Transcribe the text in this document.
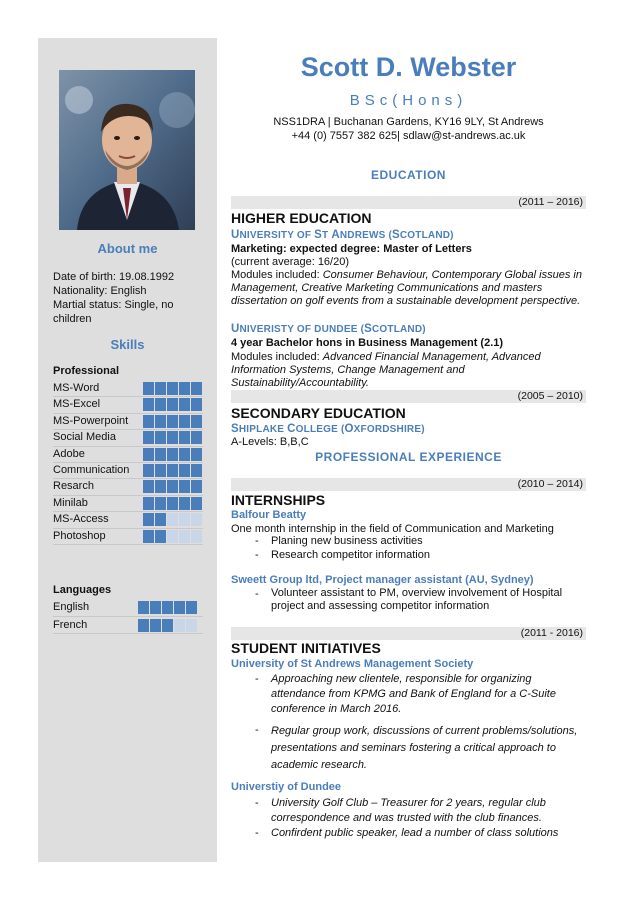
About me
Date of birth: 19.08.1992
Nationality: English
Martial status: Single, no children
Skills
Professional
MS-Word
MS-Excel
MS-Powerpoint
Social Media
Adobe
Communication
Resarch
Minilab
MS-Access
Photoshop
Languages
English
French
Scott D. Webster
BSc(Hons)
NSS1DRA | Buchanan Gardens, KY16 9LY, St Andrews
+44 (0) 7557 382 625| sdlaw@st-andrews.ac.uk
EDUCATION
(2011 – 2016)
HIGHER EDUCATION
UNIVERSITY OF ST ANDREWS (SCOTLAND)
Marketing: expected degree: Master of Letters
(current average: 16/20)
Modules included: Consumer Behaviour, Contemporary Global issues in Management, Creative Marketing Communications and masters dissertation on golf events from a sustainable development perspective.
UNIVERISTY OF DUNDEE (SCOTLAND)
4 year Bachelor hons in Business Management (2.1)
Modules included: Advanced Financial Management, Advanced Information Systems, Change Management and Sustainability/Accountability.
(2005 – 2010)
SECONDARY EDUCATION
SHIPLAKE COLLEGE (OXFORDSHIRE)
A-Levels: B,B,C
PROFESSIONAL EXPERIENCE
(2010 – 2014)
INTERNSHIPS
Balfour Beatty
One month internship in the field of Communication and Marketing
- Planing new business activities
- Research competitor information
Sweett Group ltd, Project manager assistant (AU, Sydney)
- Volunteer assistant to PM, overview involvement of Hospital project and assessing competitor information
(2011 - 2016)
STUDENT INITIATIVES
University of St Andrews Management Society
- Approaching new clientele, responsible for organizing attendance from KPMG and Bank of England for a C-Suite conference in March 2016.
- Regular group work, discussions of current problems/solutions, presentations and seminars fostering a critical approach to academic research.
Universtiy of Dundee
- University Golf Club – Treasurer for 2 years, regular club correspondence and was trusted with the club finances.
- Confirdent public speaker, lead a number of class solutions
